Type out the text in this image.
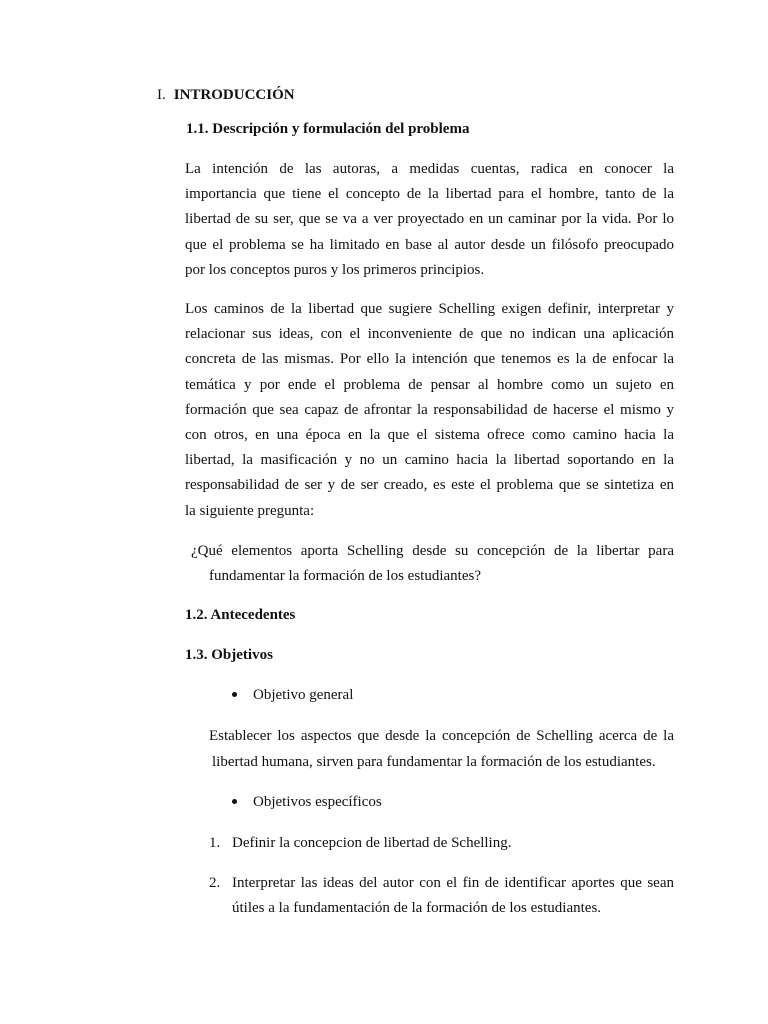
I. INTRODUCCIÓN
1.1. Descripción y formulación del problema
La intención de las autoras, a medidas cuentas, radica en conocer la
importancia que tiene el concepto de la libertad para el hombre, tanto de la
libertad de su ser, que se va a ver proyectado en un caminar por la vida. Por lo
que el problema se ha limitado en base al autor desde un filósofo preocupado
por los conceptos puros y los primeros principios.
Los caminos de la libertad que sugiere Schelling exigen definir, interpretar y
relacionar sus ideas, con el inconveniente de que no indican una aplicación
concreta de las mismas. Por ello la intención que tenemos es la de enfocar la
temática y por ende el problema de pensar al hombre como un sujeto en
formación que sea capaz de afrontar la responsabilidad de hacerse el mismo y
con otros, en una época en la que el sistema ofrece como camino hacia la
libertad, la masificación y no un camino hacia la libertad soportando en la
responsabilidad de ser y de ser creado, es este el problema que se sintetiza en
la siguiente pregunta:
¿Qué elementos aporta Schelling desde su concepción de la libertar para
fundamentar la formación de los estudiantes?
1.2. Antecedentes
1.3. Objetivos
Objetivo general
Establecer los aspectos que desde la concepción de Schelling acerca de la
libertad humana, sirven para fundamentar la formación de los estudiantes.
Objetivos específicos
1. Definir la concepcion de libertad de Schelling.
2. Interpretar las ideas del autor con el fin de identificar aportes que sean
útiles a la fundamentación de la formación de los estudiantes.
